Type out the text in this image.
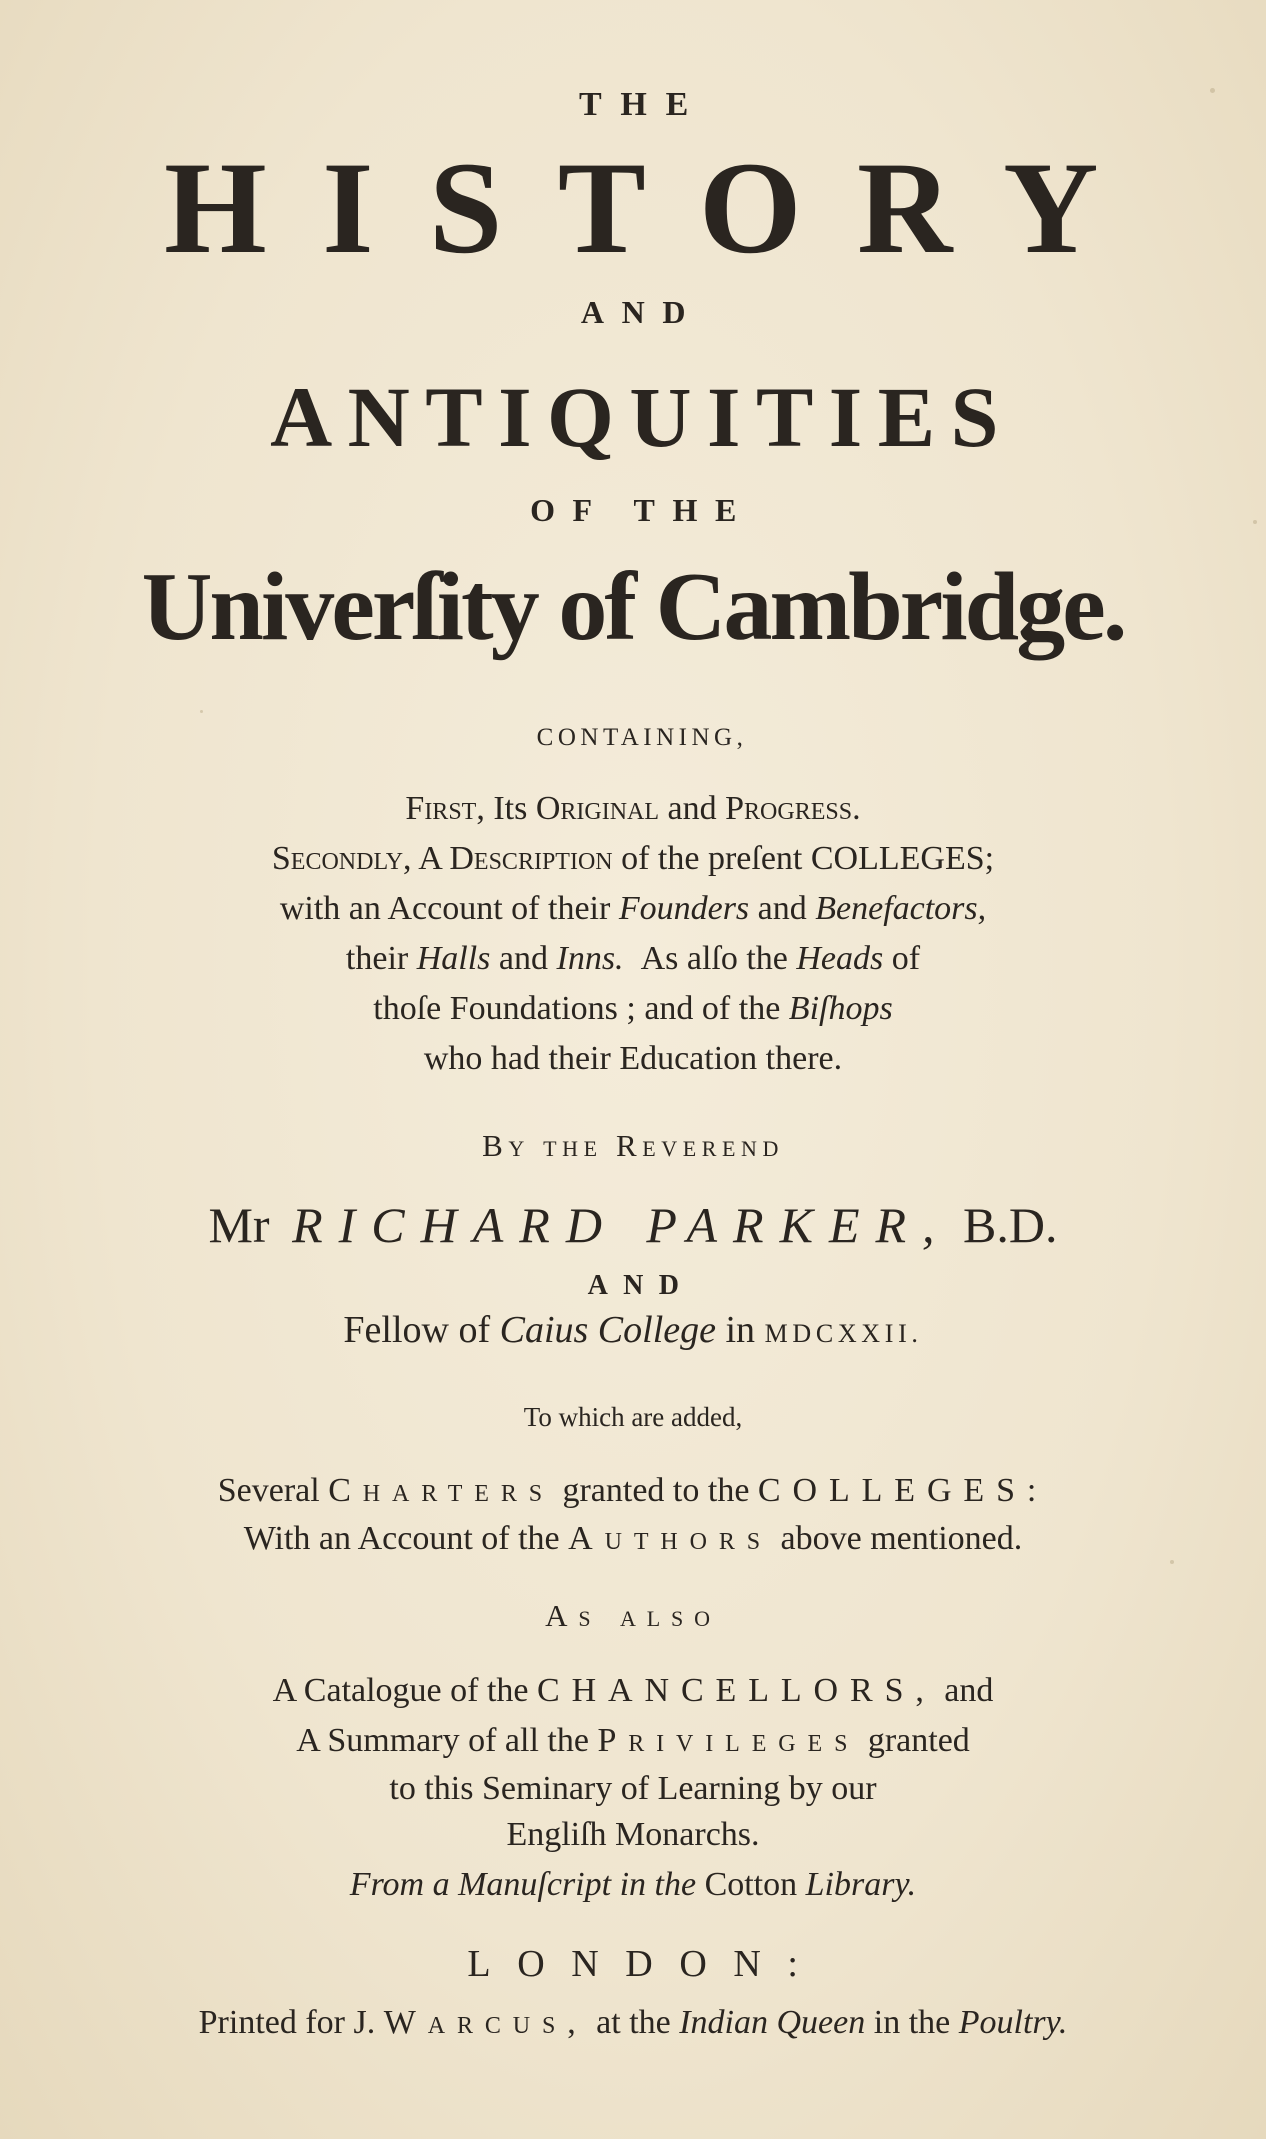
THE
HISTORY
AND
ANTIQUITIES
OF THE
Univerſity of Cambridge.
CONTAINING,
First, Its Original and Progress.
Secondly, A Description of the preſent COLLEGES;
with an Account of their Founders and Benefactors,
their Halls and Inns. As alſo the Heads of
thoſe Foundations ; and of the Biſhops
who had their Education there.
By the Reverend
Mr RICHARD PARKER, B.D.
AND
Fellow of Caius College in MDCXXII.
To which are added,
Several Charters granted to the COLLEGES:
With an Account of the Authors above mentioned.
As also
A Catalogue of the CHANCELLORS, and
A Summary of all the Privileges granted
to this Seminary of Learning by our
Engliſh Monarchs.
From a Manuſcript in the Cotton Library.
LONDON:
Printed for J. Warcus, at the Indian Queen in the Poultry.
